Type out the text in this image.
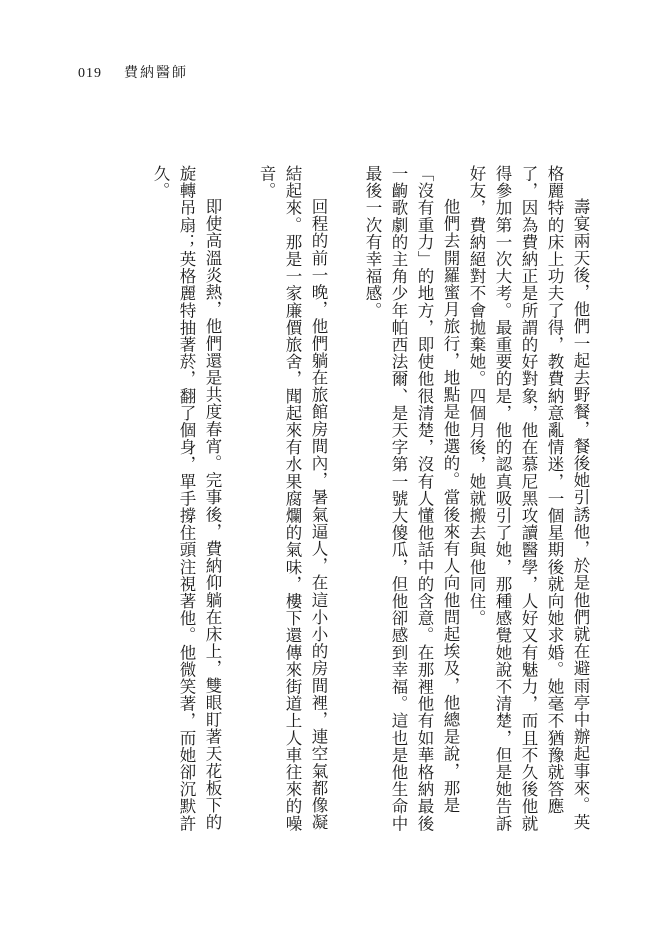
019 費納醫師

壽宴兩天後，他們一起去野餐，餐後她引誘他，於是他們就在避雨亭中辦起事來。英格麗特的床上功夫了得，教費納意亂情迷，一個星期後就向她求婚。她毫不猶豫就答應了，因為費納正是所謂的好對象，他在慕尼黑攻讀醫學，人好又有魅力，而且不久後他就得參加第一次大考。最重要的是，他的認真吸引了她，那種感覺她說不清楚，但是她告訴好友，費納絕對不會拋棄她。四個月後，她就搬去與他同住。

他們去開羅蜜月旅行，地點是他選的。當後來有人向他問起埃及，他總是說，那是「沒有重力」的地方，即使他很清楚，沒有人懂他話中的含意。在那裡他有如華格納最後一齣歌劇的主角少年帕西法爾、是天字第一號大傻瓜，但他卻感到幸福。這也是他生命中最後一次有幸福感。

回程的前一晚，他們躺在旅館房間內，暑氣逼人，在這小小的房間裡，連空氣都像凝結起來。那是一家廉價旅舍，聞起來有水果腐爛的氣味，樓下還傳來街道上人車往來的噪音。

即使高溫炎熱，他們還是共度春宵。完事後，費納仰躺在床上，雙眼盯著天花板下的旋轉吊扇；英格麗特抽著菸，翻了個身，單手撐住頭注視著他。他微笑著，而她卻沉默許久。
